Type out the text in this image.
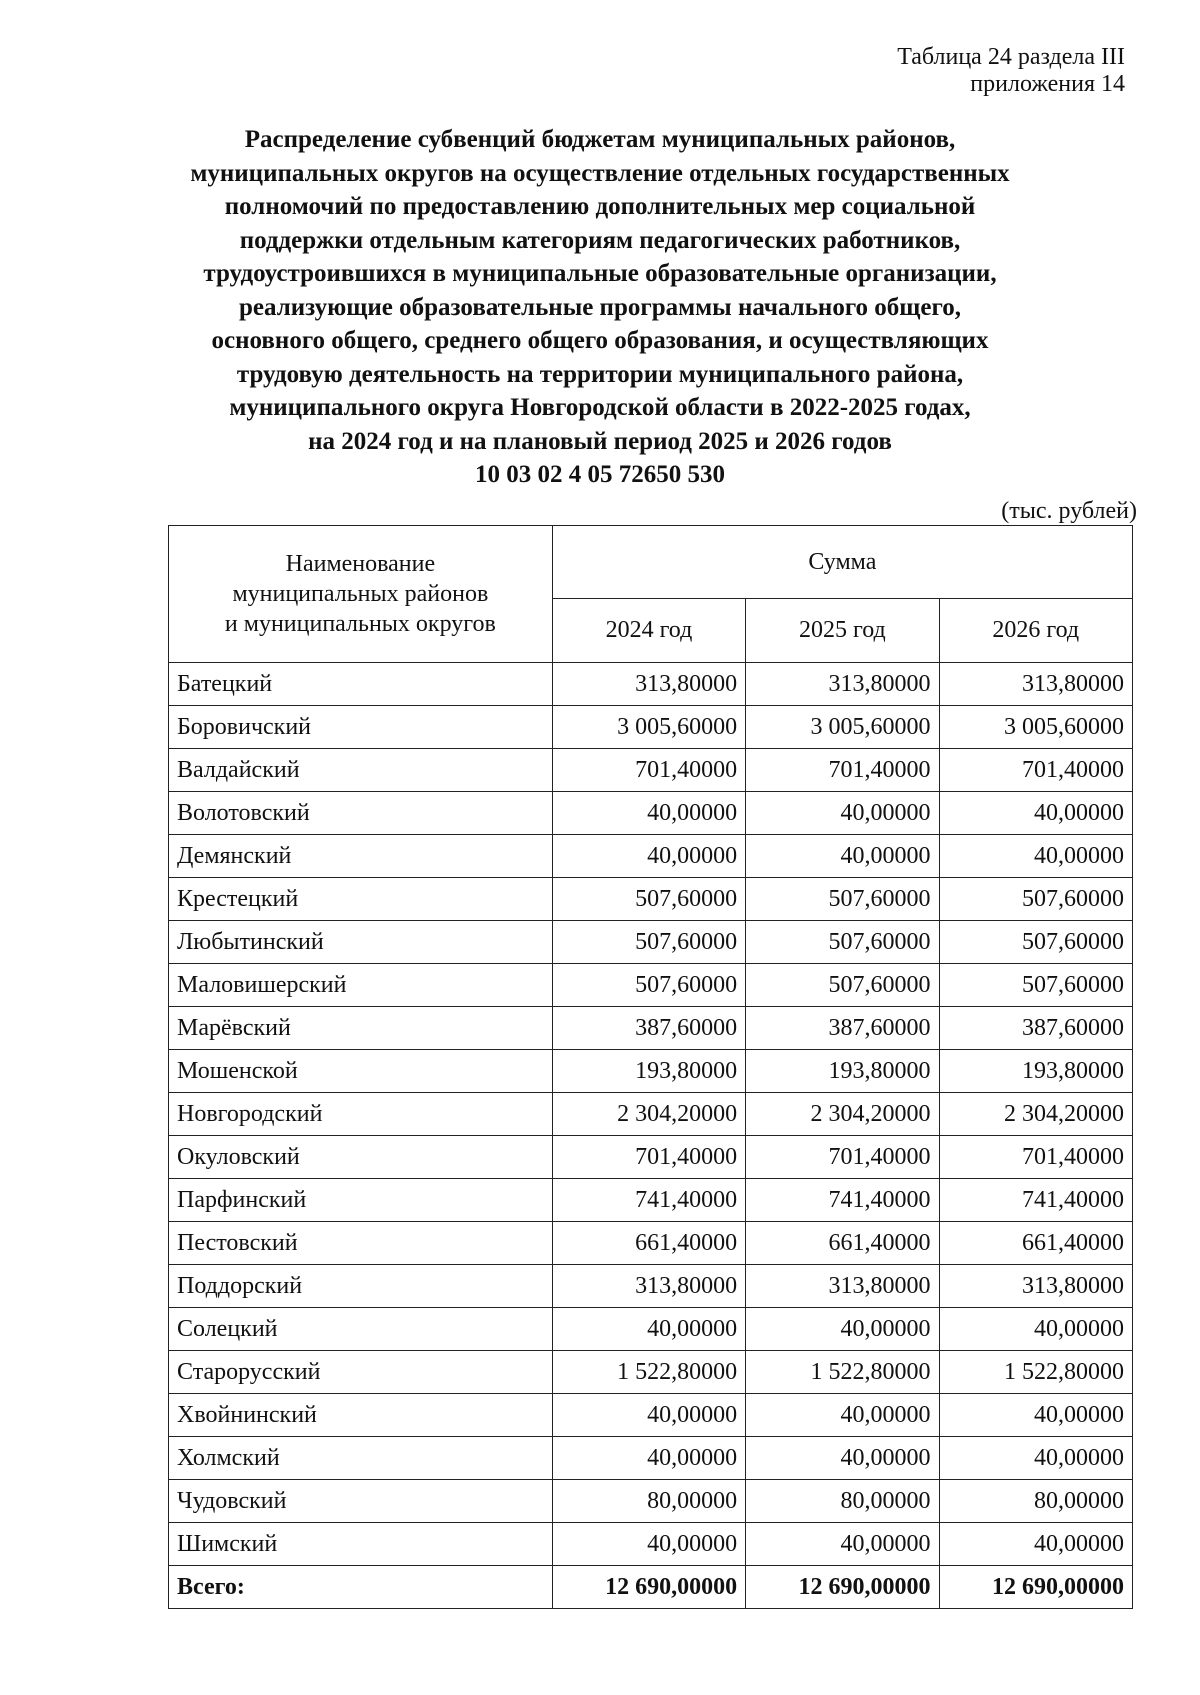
Таблица 24 раздела III
приложения 14
Распределение субвенций бюджетам муниципальных районов,
муниципальных округов на осуществление отдельных государственных
полномочий по предоставлению дополнительных мер социальной
поддержки отдельным категориям педагогических работников,
трудоустроившихся в муниципальные образовательные организации,
реализующие образовательные программы начального общего,
основного общего, среднего общего образования, и осуществляющих
трудовую деятельность на территории муниципального района,
муниципального округа Новгородской области в 2022-2025 годах,
на 2024 год и на плановый период 2025 и 2026 годов
10 03 02 4 05 72650 530
(тыс. рублей)
Наименование
муниципальных районов
и муниципальных округов	Сумма		
	2024 год	2025 год	2026 год
Батецкий	313,80000	313,80000	313,80000
Боровичский	3 005,60000	3 005,60000	3 005,60000
Валдайский	701,40000	701,40000	701,40000
Волотовский	40,00000	40,00000	40,00000
Демянский	40,00000	40,00000	40,00000
Крестецкий	507,60000	507,60000	507,60000
Любытинский	507,60000	507,60000	507,60000
Маловишерский	507,60000	507,60000	507,60000
Марёвский	387,60000	387,60000	387,60000
Мошенской	193,80000	193,80000	193,80000
Новгородский	2 304,20000	2 304,20000	2 304,20000
Окуловский	701,40000	701,40000	701,40000
Парфинский	741,40000	741,40000	741,40000
Пестовский	661,40000	661,40000	661,40000
Поддорский	313,80000	313,80000	313,80000
Солецкий	40,00000	40,00000	40,00000
Старорусский	1 522,80000	1 522,80000	1 522,80000
Хвойнинский	40,00000	40,00000	40,00000
Холмский	40,00000	40,00000	40,00000
Чудовский	80,00000	80,00000	80,00000
Шимский	40,00000	40,00000	40,00000
Всего:	12 690,00000	12 690,00000	12 690,00000
